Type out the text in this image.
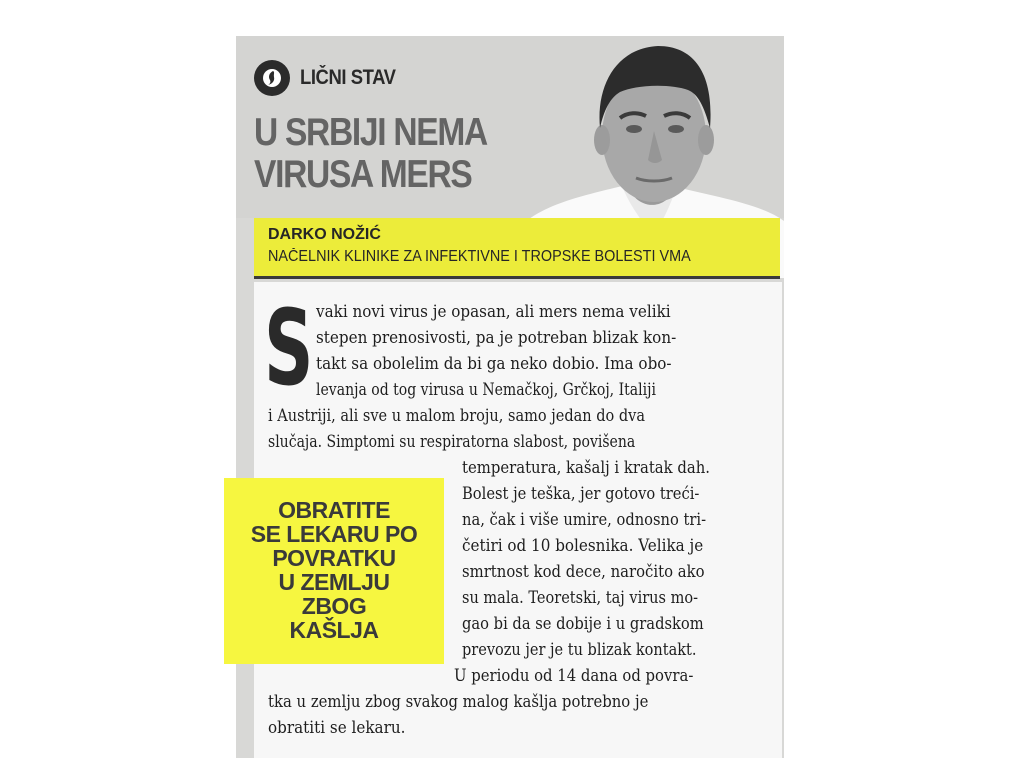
LIČNI STAV
U SRBIJI NEMA
VIRUSA MERS
DARKO NOŽIĆ
NAČELNIK KLINIKE ZA INFEKTIVNE I TROPSKE BOLESTI VMA
S vaki novi virus je opasan, ali mers nema veliki
stepen prenosivosti, pa je potreban blizak kon-
takt sa obolelim da bi ga neko dobio. Ima obo-
levanja od tog virusa u Nemačkoj, Grčkoj, Italiji
i Austriji, ali sve u malom broju, samo jedan do dva
slučaja. Simptomi su respiratorna slabost, povišena
temperatura, kašalj i kratak dah.
Bolest je teška, jer gotovo treći-
na, čak i više umire, odnosno tri-
četiri od 10 bolesnika. Velika je
smrtnost kod dece, naročito ako
su mala. Teoretski, taj virus mo-
gao bi da se dobije i u gradskom
prevozu jer je tu blizak kontakt.
U periodu od 14 dana od povra-
tka u zemlju zbog svakog malog kašlja potrebno je
obratiti se lekaru.
OBRATITE
SE LEKARU PO
POVRATKU
U ZEMLJU
ZBOG
KAŠLJA
